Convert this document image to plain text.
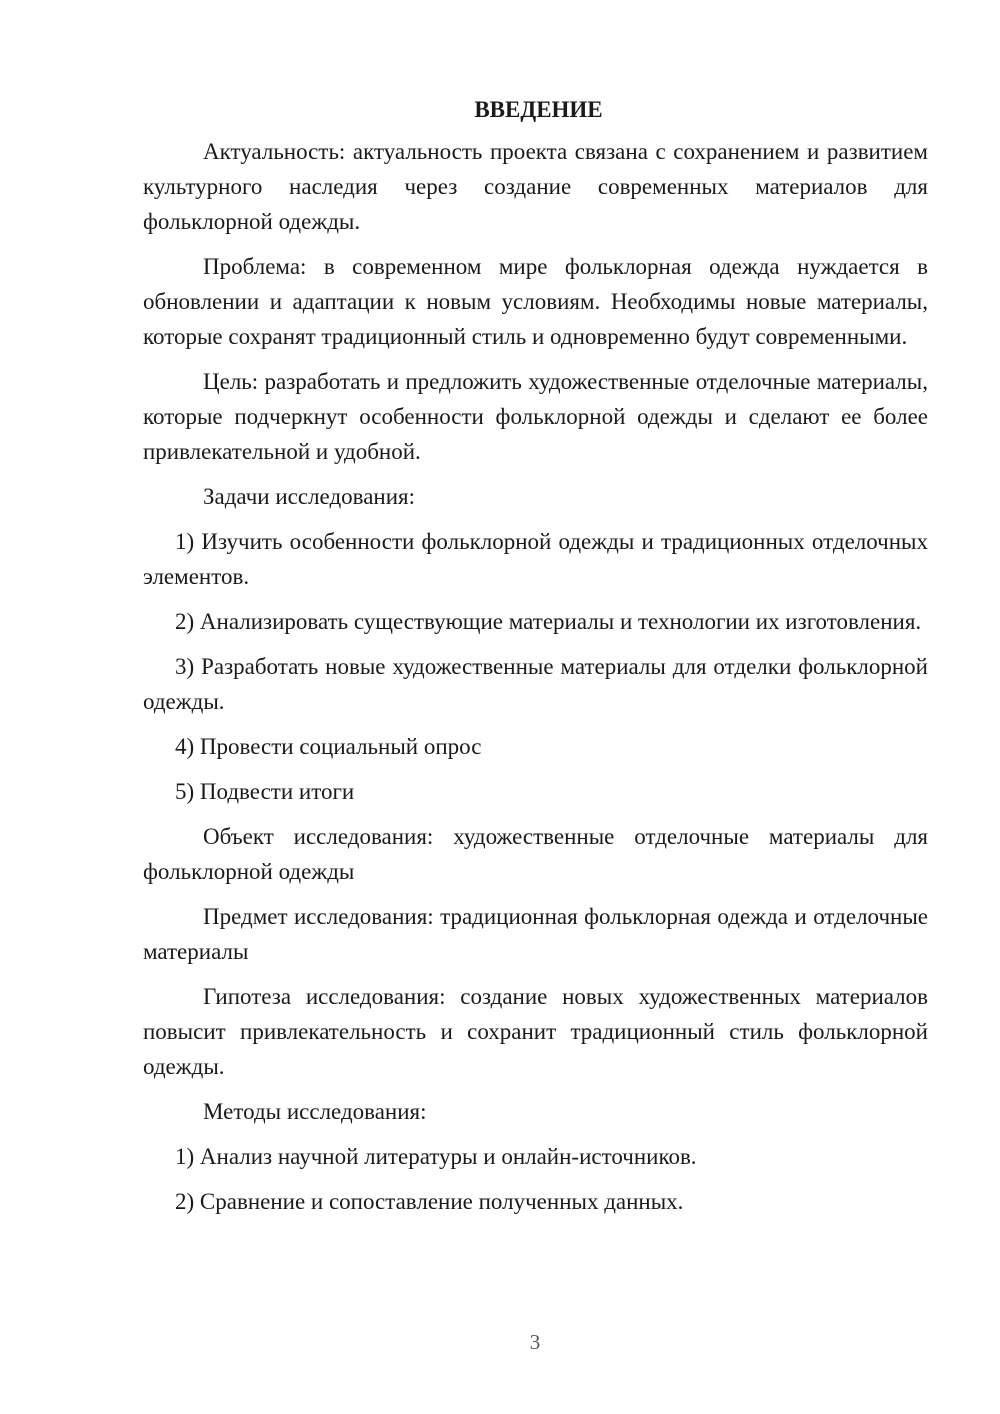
ВВЕДЕНИЕ

Актуальность: актуальность проекта связана с сохранением и развитием культурного наследия через создание современных материалов для фольклорной одежды.

Проблема: в современном мире фольклорная одежда нуждается в обновлении и адаптации к новым условиям. Необходимы новые материалы, которые сохранят традиционный стиль и одновременно будут современными.

Цель: разработать и предложить художественные отделочные материалы, которые подчеркнут особенности фольклорной одежды и сделают ее более привлекательной и удобной.

Задачи исследования:

1) Изучить особенности фольклорной одежды и традиционных отделочных элементов.

2) Анализировать существующие материалы и технологии их изготовления.

3) Разработать новые художественные материалы для отделки фольклорной одежды.

4) Провести социальный опрос

5) Подвести итоги

Объект исследования: художественные отделочные материалы для фольклорной одежды

Предмет исследования: традиционная фольклорная одежда и отделочные материалы

Гипотеза исследования: создание новых художественных материалов повысит привлекательность и сохранит традиционный стиль фольклорной одежды.

Методы исследования:

1) Анализ научной литературы и онлайн-источников.

2) Сравнение и сопоставление полученных данных.

3
